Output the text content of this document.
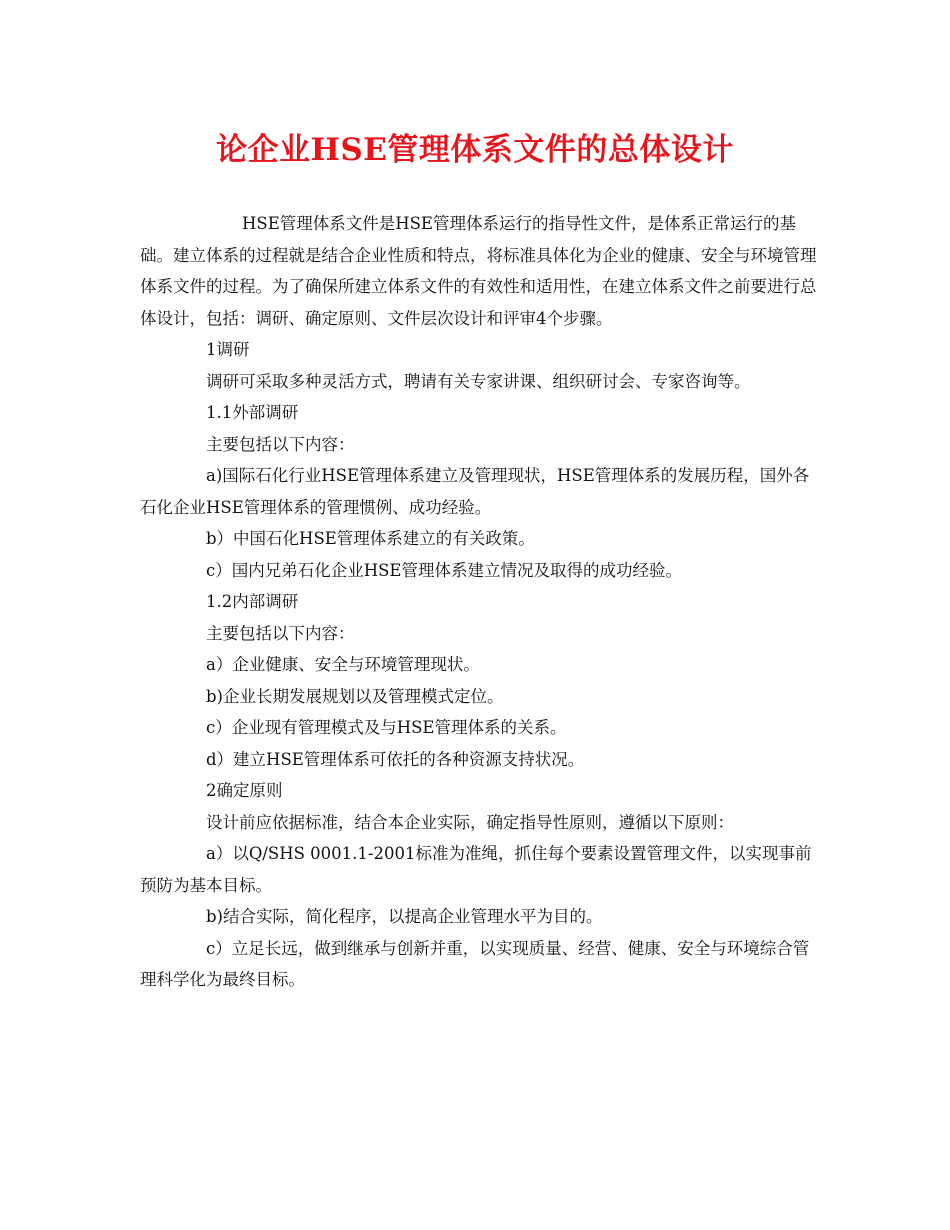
论企业HSE管理体系文件的总体设计

HSE管理体系文件是HSE管理体系运行的指导性文件，是体系正常运行的基础。建立体系的过程就是结合企业性质和特点，将标准具体化为企业的健康、安全与环境管理体系文件的过程。为了确保所建立体系文件的有效性和适用性，在建立体系文件之前要进行总体设计，包括：调研、确定原则、文件层次设计和评审4个步骤。

1调研

调研可采取多种灵活方式，聘请有关专家讲课、组织研讨会、专家咨询等。

1.1外部调研

主要包括以下内容：

a)国际石化行业HSE管理体系建立及管理现状，HSE管理体系的发展历程，国外各石化企业HSE管理体系的管理惯例、成功经验。

b）中国石化HSE管理体系建立的有关政策。

c）国内兄弟石化企业HSE管理体系建立情况及取得的成功经验。

1.2内部调研

主要包括以下内容：

a）企业健康、安全与环境管理现状。

b)企业长期发展规划以及管理模式定位。

c）企业现有管理模式及与HSE管理体系的关系。

d）建立HSE管理体系可依托的各种资源支持状况。

2确定原则

设计前应依据标准，结合本企业实际，确定指导性原则，遵循以下原则：

a）以Q/SHS 0001.1-2001标准为准绳，抓住每个要素设置管理文件，以实现事前预防为基本目标。

b)结合实际，简化程序，以提高企业管理水平为目的。

c）立足长远，做到继承与创新并重，以实现质量、经营、健康、安全与环境综合管理科学化为最终目标。
